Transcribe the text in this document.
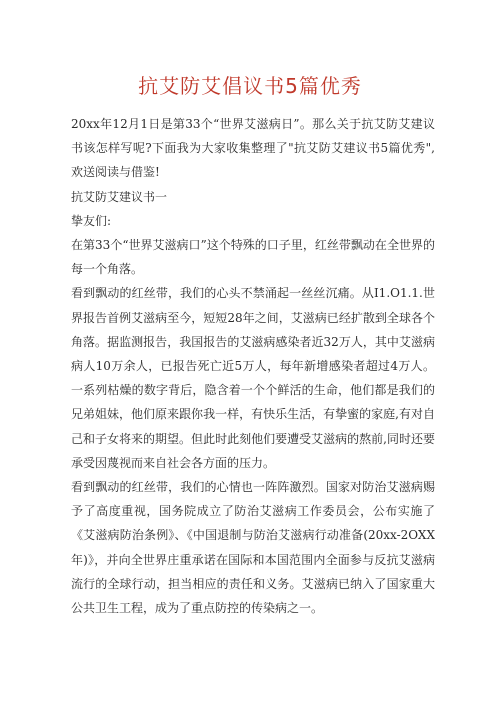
抗艾防艾倡议书5篇优秀

20xx年12月1日是第33个“世界艾滋病日”。那么关于抗艾防艾建议书该怎样写呢?下面我为大家收集整理了"抗艾防艾建议书5篇优秀",欢送阅读与借鉴!

抗艾防艾建议书一

挚友们:

在第33个“世界艾滋病口”这个特殊的口子里，红丝带飘动在全世界的每一个角落。

看到飘动的红丝带，我们的心头不禁涌起一丝丝沉痛。从I1.O1.1.世界报告首例艾滋病至今，短短28年之间，艾滋病已经扩散到全球各个角落。据监测报告，我国报告的艾滋病感染者近32万人，其中艾滋病病人10万余人，已报告死亡近5万人，每年新增感染者超过4万人。一系列枯燥的数字背后，隐含着一个个鲜活的生命，他们都是我们的兄弟姐妹，他们原来跟你我一样，有快乐生活，有挚蜜的家庭,有对自己和子女将来的期望。但此时此刻他们要遭受艾滋病的熬前,同时还要承受因蔑视而来自社会各方面的压力。

看到飘动的红丝带，我们的心情也一阵阵激烈。国家对防治艾滋病赐予了高度重视，国务院成立了防治艾滋病工作委员会，公布实施了《艾滋病防治条例》、《中国退制与防治艾滋病行动准备(20xx-2OXX年)》，并向全世界庄重承诺在国际和本国范围内全面参与反抗艾滋病流行的全球行动，担当相应的责任和义务。艾滋病已纳入了国家重大公共卫生工程，成为了重点防控的传染病之一。
